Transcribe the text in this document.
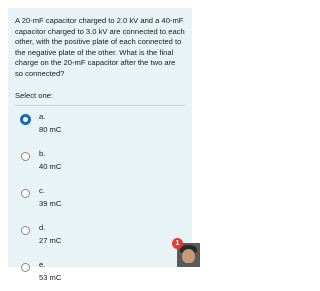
A 20-mF capacitor charged to 2.0 kV and a 40-mF capacitor charged to 3.0 kV are connected to each other, with the positive plate of each connected to the negative plate of the other. What is the final charge on the 20-mF capacitor after the two are so connected?

Select one:
a.
80 mC
b.
40 mC
c.
39 mC
d.
27 mC
e.
53 mC
1
